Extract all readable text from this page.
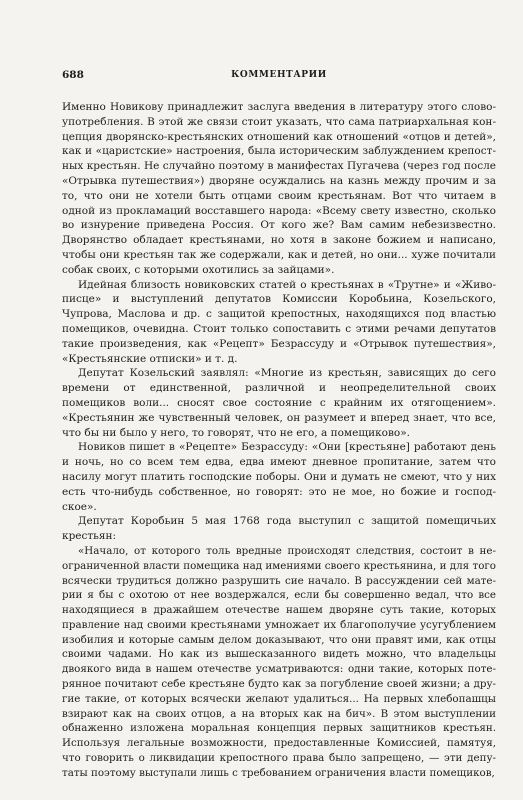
688	КОММЕНТАРИИ

Именно Новикову принадлежит заслуга введения в литературу этого словоупотребления. В этой же связи стоит указать, что сама патриархальная концепция дворянско-крестьянских отношений как отношений «отцов и детей», как и «царистские» настроения, была историческим заблуждением крепостных крестьян. Не случайно поэтому в манифестах Пугачева (через год после «Отрывка путешествия») дворяне осуждались на казнь между прочим и за то, что они не хотели быть отцами своим крестьянам. Вот что читаем в одной из прокламаций восставшего народа: «Всему свету известно, сколько во изнурение приведена Россия. От кого же? Вам самим небезизвестно. Дворянство обладает крестьянами, но хотя в законе божием и написано, чтобы они крестьян так же содержали, как и детей, но они... хуже почитали собак своих, с которыми охотились за зайцами».

Идейная близость новиковских статей о крестьянах в «Трутне» и «Живописце» и выступлений депутатов Комиссии Коробьина, Козельского, Чупрова, Маслова и др. с защитой крепостных, находящихся под властью помещиков, очевидна. Стоит только сопоставить с этими речами депутатов такие произведения, как «Рецепт» Безрассуду и «Отрывок путешествия», «Крестьянские отписки» и т. д.

Депутат Козельский заявлял: «Многие из крестьян, зависящих до сего времени от единственной, различной и неопределительной своих помещиков воли... сносят свое состояние с крайним их отягощением». «Крестьянин же чувственный человек, он разумеет и вперед знает, что все, что бы ни было у него, то говорят, что не его, а помещиково».

Новиков пишет в «Рецепте» Безрассуду: «Они [крестьяне] работают день и ночь, но со всем тем едва, едва имеют дневное пропитание, затем что насилу могут платить господские поборы. Они и думать не смеют, что у них есть что-нибудь собственное, но говорят: это не мое, но божие и господское».

Депутат Коробьин 5 мая 1768 года выступил с защитой помещичьих крестьян:

«Начало, от которого толь вредные происходят следствия, состоит в неограниченной власти помещика над имениями своего крестьянина, и для того всячески трудиться должно разрушить сие начало. В рассуждении сей материи я бы с охотою от нее воздержался, если бы совершенно ведал, что все находящиеся в дражайшем отечестве нашем дворяне суть такие, которых правление над своими крестьянами умножает их благополучие усугублением изобилия и которые самым делом доказывают, что они правят ими, как отцы своими чадами. Но как из вышесказанного видеть можно, что владельцы двоякого вида в нашем отечестве усматриваются: одни такие, которых потерянное почитают себе крестьяне будто как за погубление своей жизни; а другие такие, от которых всячески желают удалиться... На первых хлебопашцы взирают как на своих отцов, а на вторых как на бич». В этом выступлении обнаженно изложена моральная концепция первых защитников крестьян. Используя легальные возможности, предоставленные Комиссией, памятуя, что говорить о ликвидации крепостного права было запрещено, — эти депутаты поэтому выступали лишь с требованием ограничения власти помещиков,
